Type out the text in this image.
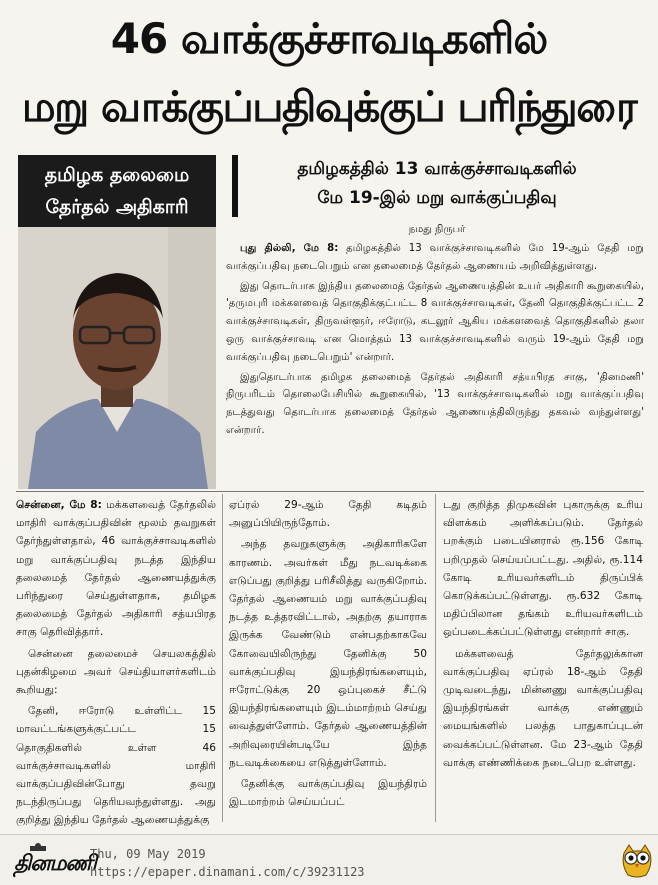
46 வாக்குச்சாவடிகளில்
மறு வாக்குப்பதிவுக்குப் பரிந்துரை
தமிழக தலைமை
தேர்தல் அதிகாரி
தமிழகத்தில் 13 வாக்குச்சாவடிகளில்
மே 19-இல் மறு வாக்குப்பதிவு
நமது நிருபர்

புது தில்லி, மே 8: தமிழகத்தில் 13 வாக்குச்சாவடிகளில் மே 19-ஆம் தேதி மறு வாக்குப்பதிவு நடைபெறும் என தலைமைத் தேர்தல் ஆணையம் அறிவித்துள்ளது.

இது தொடர்பாக இந்திய தலைமைத் தேர்தல் ஆணையத்தின் உயர் அதிகாரி கூறுகையில், 'தருமபுரி மக்களவைத் தொகுதிக்குட்பட்ட 8 வாக்குச்சாவடிகள், தேனி தொகுதிக்குட்பட்ட 2 வாக்குச்சாவடிகள், திருவள்ளூர், ஈரோடு, கடலூர் ஆகிய மக்களவைத் தொகுதிகளில் தலா ஒரு வாக்குச்சாவடி என மொத்தம் 13 வாக்குச்சாவடிகளில் வரும் 19-ஆம் தேதி மறு வாக்குப்பதிவு நடைபெறும்' என்றார்.

இதுதொடர்பாக தமிழக தலைமைத் தேர்தல் அதிகாரி சத்யபிரத சாகு, 'தினமணி' நிருபரிடம் தொலைபேசியில் கூறுகையில், '13 வாக்குச்சாவடிகளில் மறு வாக்குப்பதிவு நடத்துவது தொடர்பாக தலைமைத் தேர்தல் ஆணையத்திலிருந்து தகவல் வந்துள்ளது' என்றார்.

சென்னை, மே 8: மக்களவைத் தேர்தலில் மாதிரி வாக்குப்பதிவின் மூலம் தவறுகள் தேர்ந்துள்ளதால், 46 வாக்குச்சாவடிகளில் மறு வாக்குப்பதிவு நடத்த இந்திய தலைமைத் தேர்தல் ஆணையத்துக்கு பரிந்துரை செய்துள்ளதாக, தமிழக தலைமைத் தேர்தல் அதிகாரி சத்யபிரத சாகு தெரிவித்தார்.

சென்னை தலைமைச் செயலகத்தில் புதன்கிழமை அவர் செய்தியாளர்களிடம் கூறியது:

தேனி, ஈரோடு உள்ளிட்ட 15 மாவட்டங்களுக்குட்பட்ட 15 தொகுதிகளில் உள்ள 46 வாக்குச்சாவடிகளில் மாதிரி வாக்குப்பதிவின்போது தவறு நடந்திருப்பது தெரியவந்துள்ளது. அது குறித்து இந்திய தேர்தல் ஆணையத்துக்கு

ஏப்ரல் 29-ஆம் தேதி கடிதம் அனுப்பியிருந்தோம்.

அந்த தவறுகளுக்கு அதிகாரிகளே காரணம். அவர்கள் மீது நடவடிக்கை எடுப்பது குறித்து பரிசீலித்து வருகிறோம். தேர்தல் ஆணையம் மறு வாக்குப்பதிவு நடத்த உத்தரவிட்டால், அதற்கு தயாராக இருக்க வேண்டும் என்பதற்காகவே கோவையிலிருந்து தேனிக்கு 50 வாக்குப்பதிவு இயந்திரங்களையும், ஈரோட்டுக்கு 20 ஒப்புகைச் சீட்டு இயந்திரங்களையும் இடம்மாற்றம் செய்து வைத்துள்ளோம். தேர்தல் ஆணையத்தின் அறிவுரையின்படியே இந்த நடவடிக்கையை எடுத்துள்ளோம்.

தேனிக்கு வாக்குப்பதிவு இயந்திரம் இடமாற்றம் செய்யப்பட்

டது குறித்த திமுகவின் புகாருக்கு உரிய விளக்கம் அளிக்கப்படும். தேர்தல் பறக்கும் படையினரால் ரூ.156 கோடி பறிமுதல் செய்யப்பட்டது. அதில், ரூ.114 கோடி உரியவர்களிடம் திருப்பிக் கொடுக்கப்பட்டுள்ளது. ரூ.632 கோடி மதிப்பிலான தங்கம் உரியவர்களிடம் ஒப்படைக்கப்பட்டுள்ளது என்றார் சாகு.

மக்களவைத் தேர்தலுக்கான வாக்குப்பதிவு ஏப்ரல் 18-ஆம் தேதி முடிவடைந்து, மின்னணு வாக்குப்பதிவு இயந்திரங்கள் வாக்கு எண்ணும் மையங்களில் பலத்த பாதுகாப்புடன் வைக்கப்பட்டுள்ளன. மே 23-ஆம் தேதி வாக்கு எண்ணிக்கை நடைபெற உள்ளது.

தினமணி
Thu, 09 May 2019
https://epaper.dinamani.com/c/39231123
